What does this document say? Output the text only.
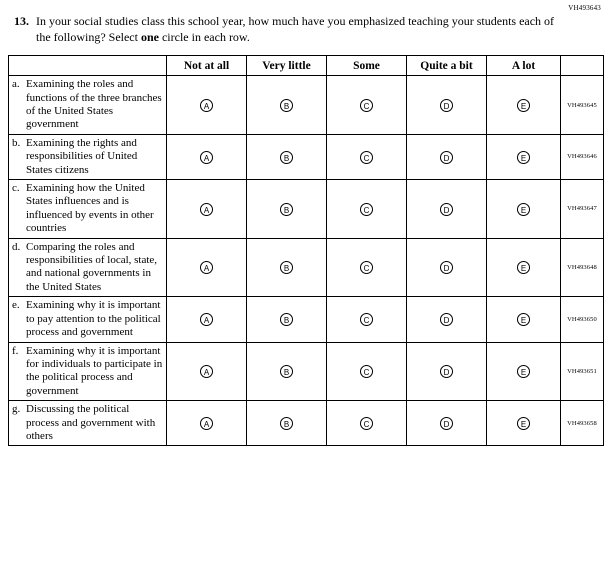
VH493643
13. In your social studies class this school year, how much have you emphasized teaching your students each of the following? Select one circle in each row.
	Not at all	Very little	Some	Quite a bit	A lot	

a. Examining the roles and functions of the three branches of the United States government	A	B	C	D	E	VH493645

b. Examining the rights and responsibilities of United States citizens	A	B	C	D	E	VH493646

c. Examining how the United States influences and is influenced by events in other countries	A	B	C	D	E	VH493647

d. Comparing the roles and responsibilities of local, state, and national governments in the United States	A	B	C	D	E	VH493648

e. Examining why it is important to pay attention to the political process and government	A	B	C	D	E	VH493650

f. Examining why it is important for individuals to participate in the political process and government	A	B	C	D	E	VH493651

g. Discussing the political process and government with others	A	B	C	D	E	VH493658
